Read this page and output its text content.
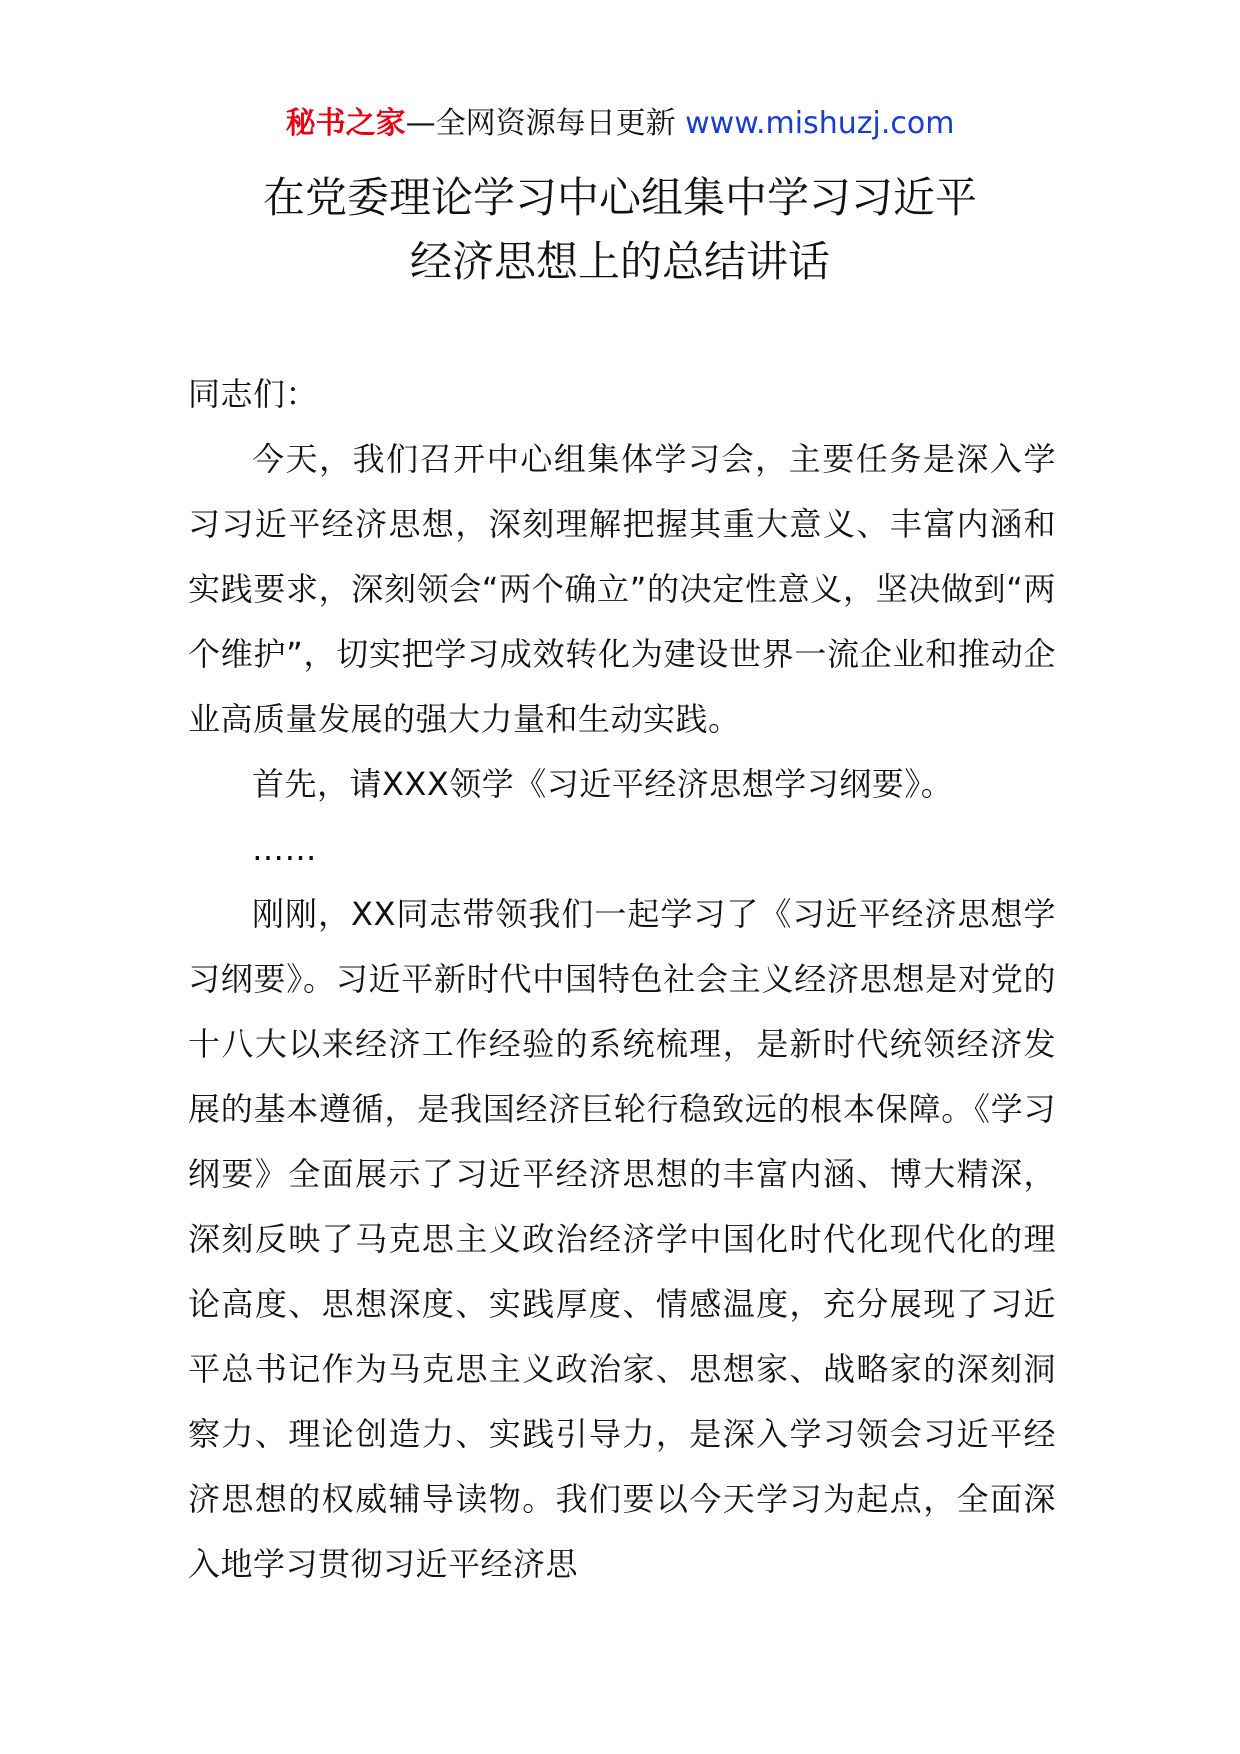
秘书之家—全网资源每日更新 www.mishuzj.com
在党委理论学习中心组集中学习习近平
经济思想上的总结讲话

同志们：

今天，我们召开中心组集体学习会，主要任务是深入学习习近平经济思想，深刻理解把握其重大意义、丰富内涵和实践要求，深刻领会“两个确立”的决定性意义，坚决做到“两个维护”，切实把学习成效转化为建设世界一流企业和推动企业高质量发展的强大力量和生动实践。

首先，请XXX领学《习近平经济思想学习纲要》。

……

刚刚，XX同志带领我们一起学习了《习近平经济思想学习纲要》。习近平新时代中国特色社会主义经济思想是对党的十八大以来经济工作经验的系统梳理，是新时代统领经济发展的基本遵循，是我国经济巨轮行稳致远的根本保障。《学习纲要》全面展示了习近平经济思想的丰富内涵、博大精深，深刻反映了马克思主义政治经济学中国化时代化现代化的理论高度、思想深度、实践厚度、情感温度，充分展现了习近平总书记作为马克思主义政治家、思想家、战略家的深刻洞察力、理论创造力、实践引导力，是深入学习领会习近平经济思想的权威辅导读物。我们要以今天学习为起点，全面深入地学习贯彻习近平经济思
